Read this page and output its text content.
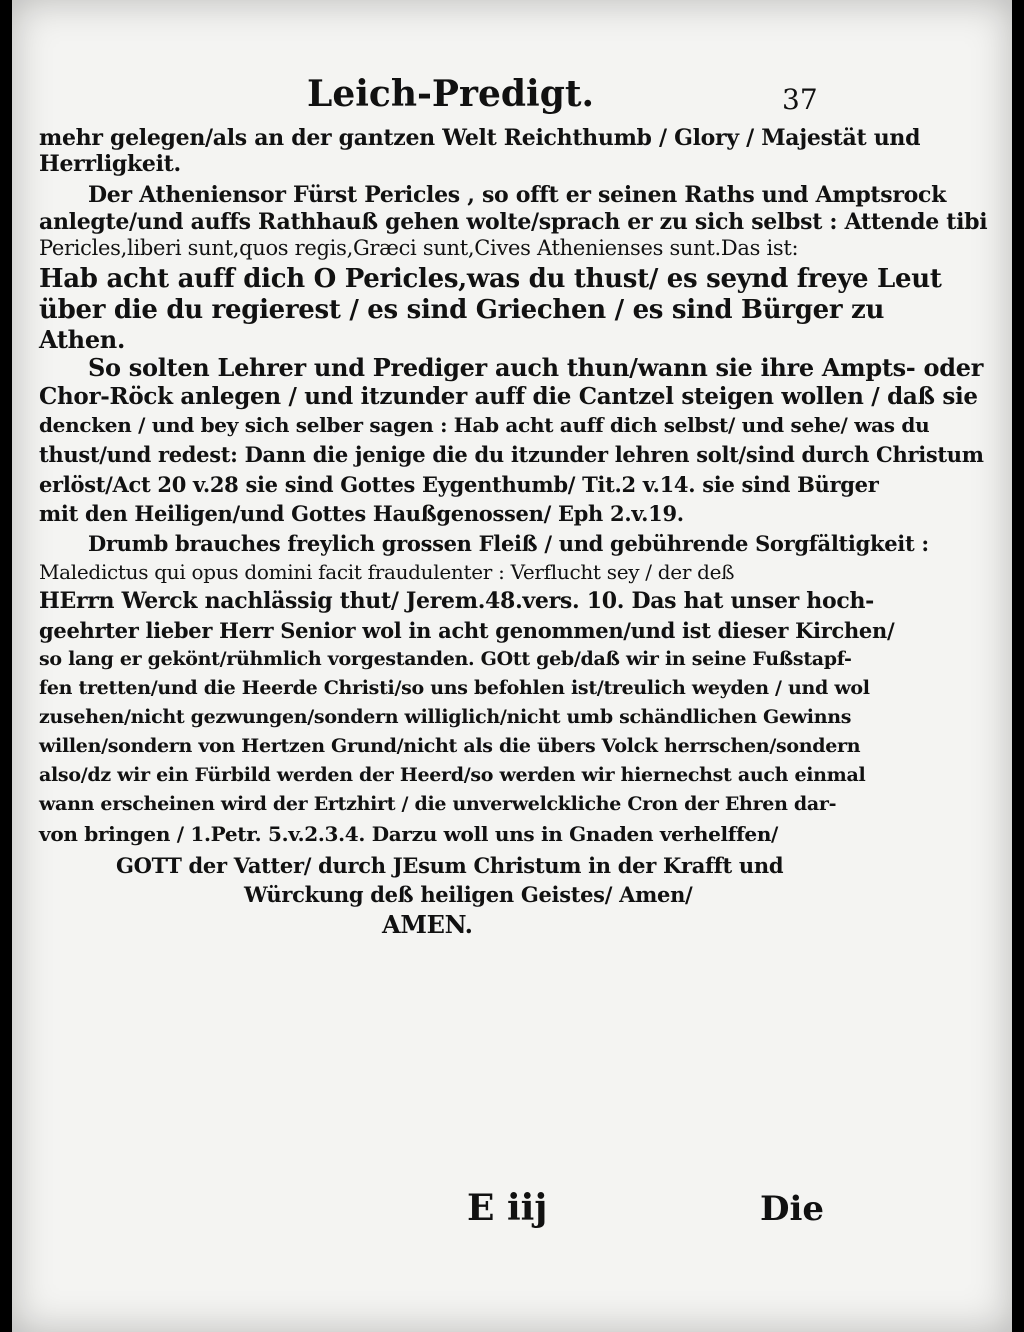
Leich-Predigt.	37
mehr gelegen/als an der gantzen Welt Reichthumb / Glory / Majestät und
Herrligkeit.
Der Atheniensor Fürst Pericles , so offt er seinen Raths und Amptsrock
anlegte/und auffs Rathhauß gehen wolte/sprach er zu sich selbst : Attende tibi
Pericles,liberi sunt,quos regis,Græci sunt,Cives Athenienses sunt.Das ist:
Hab acht auff dich O Pericles,was du thust/ es seynd freye Leut
über die du regierest / es sind Griechen / es sind Bürger zu
Athen.
So solten Lehrer und Prediger auch thun/wann sie ihre Ampts- oder
Chor-Röck anlegen / und itzunder auff die Cantzel steigen wollen / daß sie
dencken / und bey sich selber sagen : Hab acht auff dich selbst/ und sehe/ was du
thust/und redest: Dann die jenige die du itzunder lehren solt/sind durch Christum
erlöst/Act 20 v.28 sie sind Gottes Eygenthumb/ Tit.2 v.14. sie sind Bürger
mit den Heiligen/und Gottes Haußgenossen/ Eph 2.v.19.
Drumb brauches freylich grossen Fleiß / und gebührende Sorgfältigkeit :
Maledictus qui opus domini facit fraudulenter : Verflucht sey / der deß
HErrn Werck nachlässig thut/ Jerem.48.vers. 10. Das hat unser hoch-
geehrter lieber Herr Senior wol in acht genommen/und ist dieser Kirchen/
so lang er gekönt/rühmlich vorgestanden. GOtt geb/daß wir in seine Fußstapf-
fen tretten/und die Heerde Christi/so uns befohlen ist/treulich weyden / und wol
zusehen/nicht gezwungen/sondern williglich/nicht umb schändlichen Gewinns
willen/sondern von Hertzen Grund/nicht als die übers Volck herrschen/sondern
also/dz wir ein Fürbild werden der Heerd/so werden wir hiernechst auch einmal
wann erscheinen wird der Ertzhirt / die unverwelckliche Cron der Ehren dar-
von bringen / 1.Petr. 5.v.2.3.4. Darzu woll uns in Gnaden verhelffen/
GOTT der Vatter/ durch JEsum Christum in der Krafft und
Würckung deß heiligen Geistes/ Amen/
AMEN.
E iij	Die
